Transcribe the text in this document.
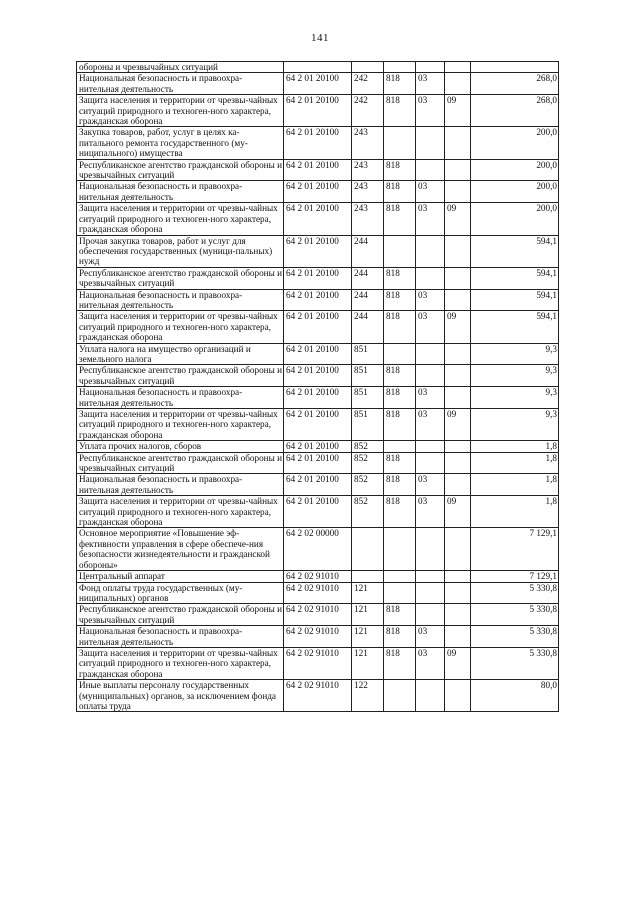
141
обороны и чрезвычайных ситуаций						
Национальная безопасность и правоохра-нительная деятельность	64 2 01 20100	242	818	03		268,0
Защита населения и территории от чрезвы-чайных ситуаций природного и техноген-ного характера, гражданская оборона	64 2 01 20100	242	818	03	09	268,0
Закупка товаров, работ, услуг в целях ка-питального ремонта государственного (му-ниципального) имущества	64 2 01 20100	243				200,0
Республиканское агентство гражданской обороны и чрезвычайных ситуаций	64 2 01 20100	243	818			200,0
Национальная безопасность и правоохра-нительная деятельность	64 2 01 20100	243	818	03		200,0
Защита населения и территории от чрезвы-чайных ситуаций природного и техноген-ного характера, гражданская оборона	64 2 01 20100	243	818	03	09	200,0
Прочая закупка товаров, работ и услуг для обеспечения государственных (муници-пальных) нужд	64 2 01 20100	244				594,1
Республиканское агентство гражданской обороны и чрезвычайных ситуаций	64 2 01 20100	244	818			594,1
Национальная безопасность и правоохра-нительная деятельность	64 2 01 20100	244	818	03		594,1
Защита населения и территории от чрезвы-чайных ситуаций природного и техноген-ного характера, гражданская оборона	64 2 01 20100	244	818	03	09	594,1
Уплата налога на имущество организаций и земельного налога	64 2 01 20100	851				9,3
Республиканское агентство гражданской обороны и чрезвычайных ситуаций	64 2 01 20100	851	818			9,3
Национальная безопасность и правоохра-нительная деятельность	64 2 01 20100	851	818	03		9,3
Защита населения и территории от чрезвы-чайных ситуаций природного и техноген-ного характера, гражданская оборона	64 2 01 20100	851	818	03	09	9,3
Уплата прочих налогов, сборов	64 2 01 20100	852				1,8
Республиканское агентство гражданской обороны и чрезвычайных ситуаций	64 2 01 20100	852	818			1,8
Национальная безопасность и правоохра-нительная деятельность	64 2 01 20100	852	818	03		1,8
Защита населения и территории от чрезвы-чайных ситуаций природного и техноген-ного характера, гражданская оборона	64 2 01 20100	852	818	03	09	1,8
Основное мероприятие «Повышение эф-фективности управления в сфере обеспече-ния безопасности жизнедеятельности и гражданской обороны»	64 2 02 00000					7 129,1
Центральный аппарат	64 2 02 91010					7 129,1
Фонд оплаты труда государственных (му-ниципальных) органов	64 2 02 91010	121				5 330,8
Республиканское агентство гражданской обороны и чрезвычайных ситуаций	64 2 02 91010	121	818			5 330,8
Национальная безопасность и правоохра-нительная деятельность	64 2 02 91010	121	818	03		5 330,8
Защита населения и территории от чрезвы-чайных ситуаций природного и техноген-ного характера, гражданская оборона	64 2 02 91010	121	818	03	09	5 330,8
Иные выплаты персоналу государственных (муниципальных) органов, за исключением фонда оплаты труда	64 2 02 91010	122				80,0
